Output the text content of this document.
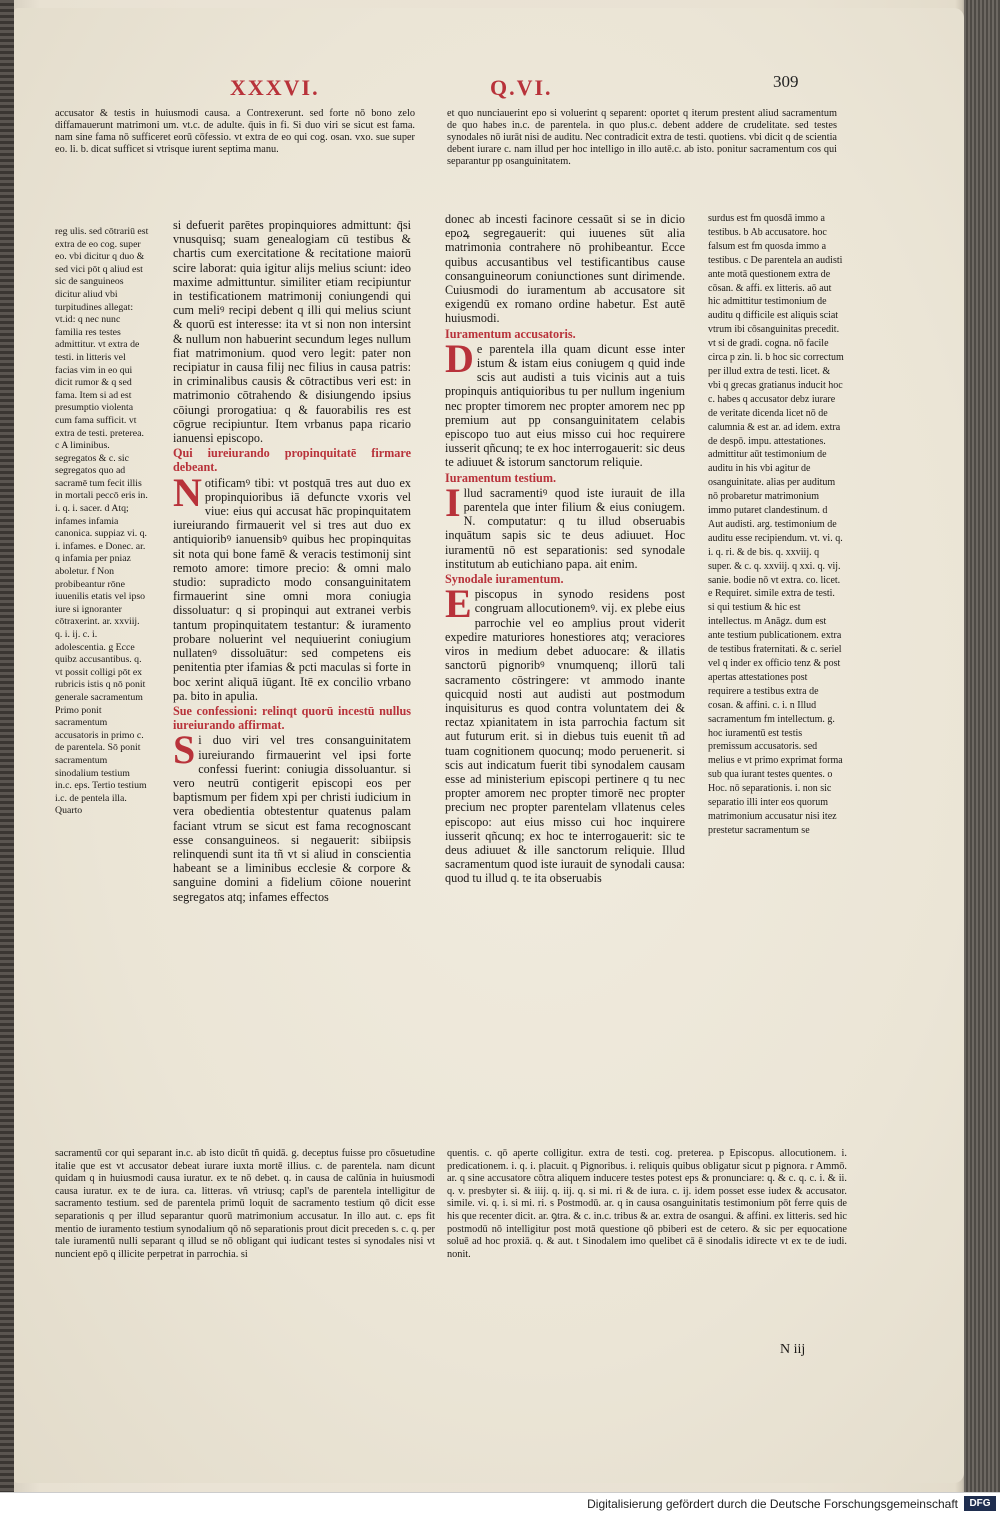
XXXVI.	Q.VI.	309
accusator & testis in huiusmodi causa. a Contrexerunt. sed forte nō bono zelo diffamauerunt matrimoni um. vt.c. de adulte. q̄uis in fi. Si duo viri se sicut est fama. nam sine fama nō sufficeret eorū cōfessio. vt extra de eo qui cog. osan. vxo. sue super eo. li. b. dicat sufficet si vtrisque iurent septima manu.
et quo nunciauerint epo si voluerint q separent: oportet q iterum prestent aliud sacramentum de quo habes in.c. de parentela. in quo plus.c. debent addere de crudelitate. sed testes synodales nō iurāt nisi de auditu. Nec contradicit extra de testi. quotiens. vbi dicit q de scientia debent iurare c. nam illud per hoc intelligo in illo autē.c. ab isto. ponitur sacramentum cos qui separantur pp osanguinitatem.
reg ulis. sed cōtrariū est extra de eo cog. super eo. vbi dicitur q duo & sed vici pōt q aliud est sic de sanguineos dicitur aliud vbi turpitudines allegat: vt.id: q nec nunc familia res testes admittitur. vt extra de testi. in litteris vel facias vim in eo qui dicit rumor & q sed fama. Item si ad est presumptio violenta cum fama sufficit. vt extra de testi. preterea. c A liminibus. segregatos & c. sic segregatos quo ad sacramē tum fecit illis in mortali peccō eris in. i. q. i. sacer. d Atq; infames infamia canonica. suppiaz vi. q. i. infames. e Donec. ar. q infamia per pniaz aboletur. f Non probibeantur rōne iuuenilis etatis vel ipso iure si ignoranter cōtraxerint. ar. xxviij. q. i. ij. c. i. adolescentia. g Ecce quibz accusantibus. q. vt possit colligi pōt ex rubricis istis q nō ponit generale sacramentum Primo ponit sacramentum accusatoris in primo c. de parentela. Sō ponit sacramentum sinodalium testium in.c. eps. Tertio testium i.c. de pentela illa. Quarto

si defuerit parētes propinquiores admittunt: q̄si vnusquisq; suam genealogiam cū testibus & chartis cum exercitatione & recitatione maiorū scire laborat: quia igitur alijs melius sciunt: ideo maxime admittuntur. similiter etiam recipiuntur in testificationem matrimonij coniungendi qui cum meliꝰ recipi debent q illi qui melius sciunt & quorū est interesse: ita vt si non non intersint & nullum non habuerint secundum leges nullum fiat matrimonium. quod vero legit: pater non recipiatur in causa filij nec filius in causa patris: in criminalibus causis & cōtractibus veri est: in matrimonio cōtrahendo & disiungendo ipsius cōiungi prorogatiua: q & fauorabilis res est cōgrue recipiuntur. Item vrbanus papa ricario ianuensi episcopo.

Qui iureiurando propinquitatē firmare debeant.

Notificamꝰ tibi: vt postquā tres aut duo ex propinquioribus iā defuncte vxoris vel viue: eius qui accusat hāc propinquitatem iureiurando firmauerit vel si tres aut duo ex antiquioribꝰ ianuensibꝰ quibus hec propinquitas sit nota qui bone famē & veracis testimonij sint remoto amore: timore precio: & omni malo studio: supradicto modo consanguinitatem firmauerint sine omni mora coniugia dissoluatur: q si propinqui aut extranei verbis tantum propinquitatem testantur: & iuramento probare noluerint vel nequiuerint coniugium nullatenꝰ dissoluātur: sed competens eis penitentia pter ifamias & pcti maculas si forte in boc xerint aliquā iūgant. Itē ex concilio vrbano pa. bito in apulia.

Sue confessioni: relinqt quorū incestū nullus iureiurando affirmat.

Si duo viri vel tres consanguinitatem iureiurando firmauerint vel ipsi forte confessi fuerint: coniugia dissoluantur. si vero neutrū contigerit episcopi eos per baptismum per fidem xpi per christi iudicium in vera obedientia obtestentur quatenus palam faciant vtrum se sicut est fama recognoscant esse consanguineos. si negauerit: sibiipsis relinquendi sunt ita tñ vt si aliud in conscientia habeant se a liminibus ecclesie & corpore & sanguine domini a fidelium cōione nouerint segregatos atq; infames effectos

donec ab incesti facinore cessaūt si se in dicio epoꝝ segregauerit: qui iuuenes sūt alia matrimonia contrahere nō prohibeantur. Ecce quibus accusantibus vel testificantibus cause consanguineorum coniunctiones sunt dirimende. Cuiusmodi do iuramentum ab accusatore sit exigendū ex romano ordine habetur. Est autē huiusmodi.

Iuramentum accusatoris.

De parentela illa quam dicunt esse inter istum & istam eius coniugem q quid inde scis aut audisti a tuis vicinis aut a tuis propinquis antiquioribus tu per nullum ingenium nec propter timorem nec propter amorem nec pp premium aut pp consanguinitatem celabis episcopo tuo aut eius misso cui hoc requirere iusserit qñcunq; te ex hoc interrogauerit: sic deus te adiuuet & istorum sanctorum reliquie.

Iuramentum testium.

Illud sacramentiꝰ quod iste iurauit de illa parentela que inter filium & eius coniugem. N. computatur: q tu illud obseruabis inquātum sapis sic te deus adiuuet. Hoc iuramentū nō est separationis: sed synodale institutum ab eutichiano papa. ait enim.

Synodale iuramentum.

Episcopus in synodo residens post congruam allocutionemꝰ. vij. ex plebe eius parrochie vel eo amplius prout viderit expedire maturiores honestiores atq; veraciores viros in medium debet aduocare: & illatis sanctorū pignoribꝰ vnumquenq; illorū tali sacramento cōstringere: vt ammodo inante quicquid nosti aut audisti aut postmodum inquisiturus es quod contra voluntatem dei & rectaz xpianitatem in ista parrochia factum sit aut futurum erit. si in diebus tuis euenit tñ ad tuam cognitionem quocunq; modo peruenerit. si scis aut indicatum fuerit tibi synodalem causam esse ad ministerium episcopi pertinere q tu nec propter amorem nec propter timorē nec propter precium nec propter parentelam vllatenus celes episcopo: aut eius misso cui hoc inquirere iusserit qñcunq; ex hoc te interrogauerit: sic te deus adiuuet & ille sanctorum reliquie. Illud sacramentum quod iste iurauit de synodali causa: quod tu illud q. te ita obseruabis

surdus est fm quosdā immo a testibus. b Ab accusatore. hoc falsum est fm quosda immo a testibus. c De parentela an audisti ante motā questionem extra de cōsan. & affi. ex litteris. aō aut hic admittitur testimonium de auditu q difficile est aliquis sciat vtrum ibi cōsanguinitas precedit. vt si de gradi. cogna. nō facile circa p zin. li. b hoc sic correctum per illud extra de testi. licet. & vbi q grecas gratianus inducit hoc c. habes q accusator debz iurare de veritate dicenda licet nō de calumnia & est ar. ad idem. extra de despō. impu. attestationes. admittitur aūt testimonium de auditu in his vbi agitur de osanguinitate. alias per auditum nō probaretur matrimonium immo putaret clandestinum. d Aut audisti. arg. testimonium de auditu esse recipiendum. vt. vi. q. i. q. ri. & de bis. q. xxviij. q super. & c. q. xxviij. q xxi. q. vij. sanie. bodie nō vt extra. co. licet. e Requiret. simile extra de testi. si qui testium & hic est intellectus. m Anāgz. dum est ante testium publicationem. extra de testibus fraternitati. & c. seriel vel q inder ex officio tenz & post apertas attestationes post requirere a testibus extra de cosan. & affini. c. i. n Illud sacramentum fm intellectum. g. hoc iuramentū est testis premissum accusatoris. sed melius e vt primo exprimat forma sub qua iurant testes quentes. o Hoc. nō separationis. i. non sic separatio illi inter eos quorum matrimonium accusatur nisi itez prestetur sacramentum se
sacramentū cor qui separant in.c. ab isto dicūt tñ quidā. g. deceptus fuisse pro cōsuetudine italie que est vt accusator debeat iurare iuxta mortē illius. c. de parentela. nam dicunt quidam q in huiusmodi causa iuratur. ex te nō debet. q. in causa de calūnia in huiusmodi causa iuratur. ex te de iura. ca. litteras. vñ vtriusq; capl's de parentela intelligitur de sacramento testium. sed de parentela primū loquit de sacramento testium qō dicit esse separationis q per illud separantur quorū matrimonium accusatur. In illo aut. c. eps fit mentio de iuramento testium synodalium qō nō separationis prout dicit preceden s. c. q. per tale iuramentū nulli separant q illud se nō obligant qui iudicant testes si synodales nisi vt nuncient epō q illicite perpetrat in parrochia. si
quentis. c. qō aperte colligitur. extra de testi. cog. preterea. p Episcopus. allocutionem. i. predicationem. i. q. i. placuit. q Pignoribus. i. reliquis quibus obligatur sicut p pignora. r Ammō. ar. q sine accusatore cōtra aliquem inducere testes potest eps & pronunciare: q. & c. q. c. i. & ii. q. v. presbyter si. & iiij. q. iij. q. si mi. ri & de iura. c. ij. idem posset esse iudex & accusator. simile. vi. q. i. si mi. ri. s Postmodū. ar. q in causa osanguinitatis testimonium pōt ferre quis de his que recenter dicit. ar. ꝯtra. & c. in.c. tribus & ar. extra de osangui. & affini. ex litteris. sed hic postmodū nō intelligitur post motā questione qō pbiberi est de cetero. & sic per equocatione soluē ad hoc proxiā. q. & aut. t Sinodalem imo quelibet cā ē sinodalis idirecte vt ex te de iudi. nonit.
N iij
Digitalisierung gefördert durch die Deutsche Forschungsgemeinschaft	DFG
